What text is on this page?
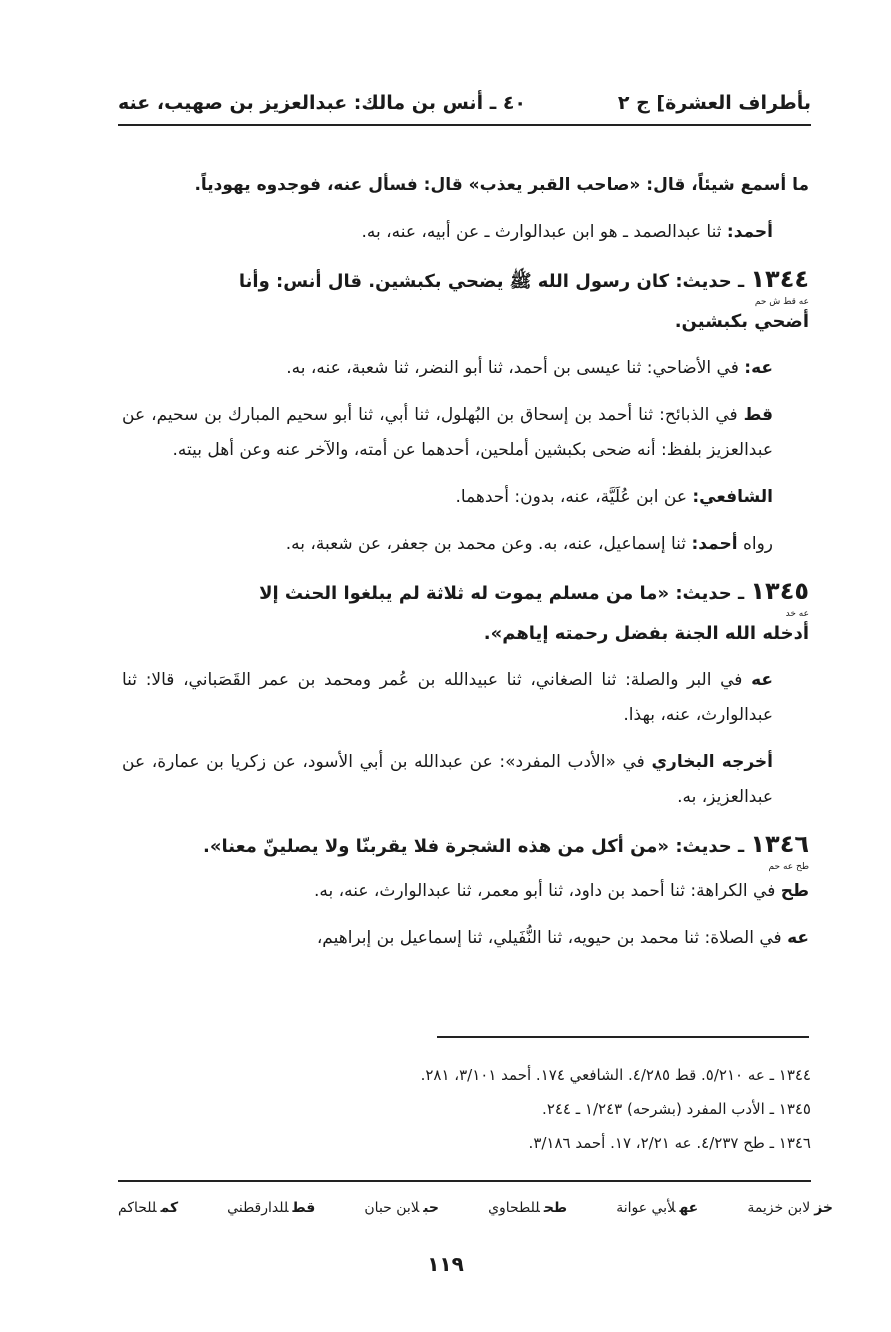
بأطراف العشرة] ج ٢
٤٠ ـ أنس بن مالك: عبدالعزيز بن صهيب، عنه

ما أسمع شيئاً، قال: «صاحب القبر يعذب» قال: فسأل عنه، فوجدوه يهودياً.

أحمد: ثنا عبدالصمد ـ هو ابن عبدالوارث ـ عن أبيه، عنه، به.

١٣٤٤ ـ حديث: كان رسول الله ﷺ يضحي بكبشين. قال أنس: وأنا
عه قط ش حم
أضحي بكبشين.

عه: في الأضاحي: ثنا عيسى بن أحمد، ثنا أبو النضر، ثنا شعبة، عنه، به.

قط في الذبائح: ثنا أحمد بن إسحاق بن البُهلول، ثنا أبي، ثنا أبو سحيم المبارك بن سحيم، عن عبدالعزيز بلفظ: أنه ضحى بكبشين أملحين، أحدهما عن أمته، والآخر عنه وعن أهل بيته.

الشافعي: عن ابن عُلَيَّة، عنه، بدون: أحدهما.

رواه أحمد: ثنا إسماعيل، عنه، به. وعن محمد بن جعفر، عن شعبة، به.

١٣٤٥ ـ حديث: «ما من مسلم يموت له ثلاثة لم يبلغوا الحنث إلا
عه خد
أدخله الله الجنة بفضل رحمته إياهم».

عه في البر والصلة: ثنا الصغاني، ثنا عبيدالله بن عُمر ومحمد بن عمر القَصَباني، قالا: ثنا عبدالوارث، عنه، بهذا.

أخرجه البخاري في «الأدب المفرد»: عن عبدالله بن أبي الأسود، عن زكريا بن عمارة، عن عبدالعزيز، به.

١٣٤٦ ـ حديث: «من أكل من هذه الشجرة فلا يقربنّا ولا يصلينّ معنا».
طح عه حم

طح في الكراهة: ثنا أحمد بن داود، ثنا أبو معمر، ثنا عبدالوارث، عنه، به.

عه في الصلاة: ثنا محمد بن حيويه، ثنا النُّفَيلي، ثنا إسماعيل بن إبراهيم،

١٣٤٤ ـ عه ٥/٢١٠. قط ٤/٢٨٥. الشافعي ١٧٤. أحمد ٣/١٠١، ٢٨١.
١٣٤٥ ـ الأدب المفرد (بشرحه) ١/٢٤٣ ـ ٢٤٤.
١٣٤٦ ـ طح ٤/٢٣٧. عه ٢/٢١، ١٧. أحمد ٣/١٨٦.
خزلابن خزيمة
عهلأبي عوانة
طحللطحاوي
حبلابن حبان
قطللدارقطني
كمللحاكم
١١٩
